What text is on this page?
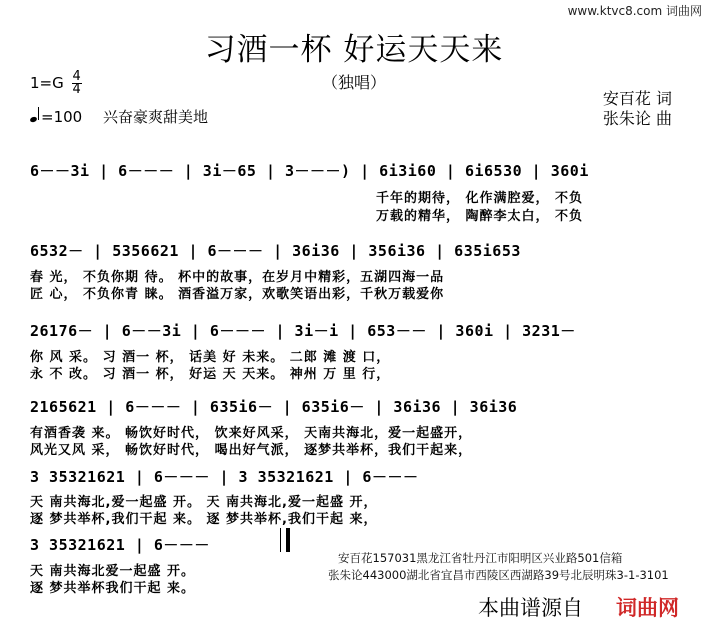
www.ktvc8.com 词曲网
习酒一杯 好运天天来
（独唱）
$1=G \frac{4}{4}$
=100 兴奋豪爽甜美地
安百花 词
张朱论 曲
6－－3i | 6－－－ | 3i－65 | 3－－－) | 6i3i60 | 6i6530 | 360i
千年的期待， 化作满腔爱， 不负
万载的精华， 陶醉李太白， 不负
6532－ | 5356621 | 6－－－ | 36i36 | 356i36 | 635i653
春 光， 不负你期 待。 杯中的故事，在岁月中精彩，五湖四海一品
匠 心， 不负你青 睐。 酒香溢万家，欢歌笑语出彩，千秋万载爱你
26176－ | 6－－3i | 6－－－ | 3i－i | 653－－ | 360i | 3231－
你 风 采。 习 酒一 杯， 话美 好 未来。 二郎 滩 渡 口，
永 不 改。 习 酒一 杯， 好运 天 天来。 神州 万 里 行，
2165621 | 6－－－ | 635i6－ | 635i6－ | 36i36 | 36i36
有酒香袭 来。 畅饮好时代， 饮来好风采， 天南共海北，爱一起盛开，
风光又风 采， 畅饮好时代， 喝出好气派， 逐梦共举杯，我们干起来，
3 35321621 | 6－－－ | 3 35321621 | 6－－－
天 南共海北,爱一起盛 开。 天 南共海北,爱一起盛 开，
逐 梦共举杯,我们干起 来。 逐 梦共举杯,我们干起 来，
3 35321621 | 6－－－
天 南共海北爱一起盛 开。
逐 梦共举杯我们干起 来。
安百花157031黑龙江省牡丹江市阳明区兴业路501信箱
张朱论443000湖北省宜昌市西陵区西湖路39号北辰明珠3-1-3101
本曲谱源自 词曲网
